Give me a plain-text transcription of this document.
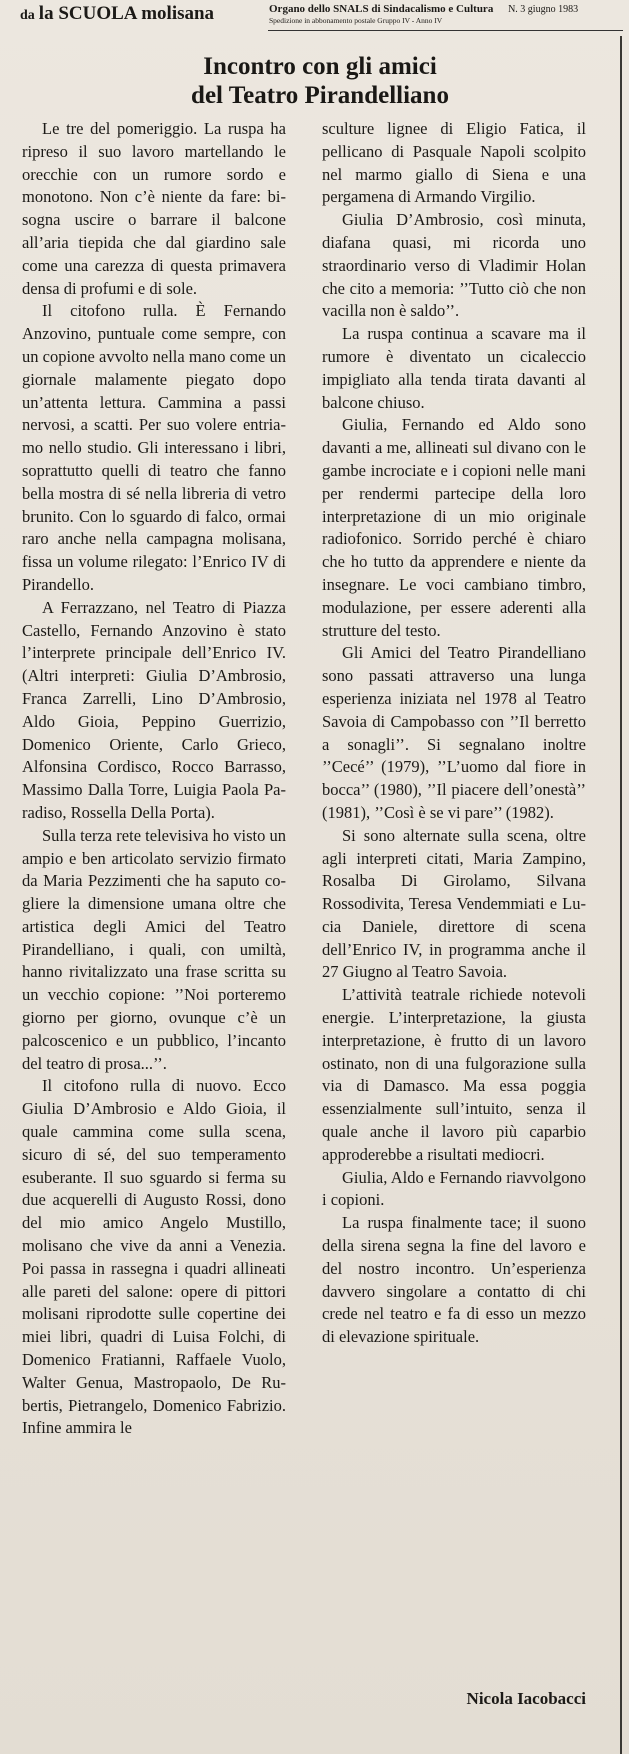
da la SCUOLA molisana	Organo dello SNALS di Sindacalismo e Cultura N. 3 giugno 1983
Spedizione in abbonamento postale Gruppo IV - Anno IV
Incontro con gli amici
del Teatro Pirandelliano

Le tre del pomeriggio. La ruspa ha ripreso il suo lavoro martellando le orecchie con un rumore sordo e monotono. Non c’è niente da fare: bisogna uscire o barrare il balcone all’aria tiepida che dal giardino sale come una carezza di questa primavera densa di profumi e di sole.

Il citofono rulla. È Fernando Anzovino, puntuale come sempre, con un copione avvolto nella mano come un giornale malamente piegato dopo un’attenta lettura. Cammina a passi nervosi, a scatti. Per suo volere entriamo nello studio. Gli interessano i libri, soprattutto quelli di teatro che fanno bella mostra di sé nella libreria di vetro brunito. Con lo sguardo di falco, ormai raro anche nella campagna molisana, fissa un volume rilegato: l’Enrico IV di Pirandello.

A Ferrazzano, nel Teatro di Piazza Castello, Fernando Anzovino è stato l’interprete principale dell’Enrico IV. (Altri interpreti: Giulia D’Ambrosio, Franca Zarrelli, Lino D’Ambrosio, Aldo Gioia, Peppino Guerrizio, Domenico Oriente, Carlo Grieco, Alfonsina Cordisco, Rocco Barrasso, Massimo Dalla Torre, Luigia Paola Paradiso, Rossella Della Porta).

Sulla terza rete televisiva ho visto un ampio e ben articolato servizio firmato da Maria Pezzimenti che ha saputo cogliere la dimensione umana oltre che artistica degli Amici del Teatro Pirandelliano, i quali, con umiltà, hanno rivitalizzato una frase scritta su un vecchio copione: ’’Noi porteremo giorno per giorno, ovunque c’è un palcoscenico e un pubblico, l’incanto del teatro di prosa...’’.

Il citofono rulla di nuovo. Ecco Giulia D’Ambrosio e Aldo Gioia, il quale cammina come sulla scena, sicuro di sé, del suo temperamento esuberante. Il suo sguardo si ferma su due acquerelli di Augusto Rossi, dono del mio amico Angelo Mustillo, molisano che vive da anni a Venezia. Poi passa in rassegna i quadri allineati alle pareti del salone: opere di pittori molisani riprodotte sulle copertine dei miei libri, quadri di Luisa Folchi, di Domenico Fratianni, Raffaele Vuolo, Walter Genua, Mastropaolo, De Rubertis, Pietrangelo, Domenico Fabrizio. Infine ammira le

sculture lignee di Eligio Fatica, il pellicano di Pasquale Napoli scolpito nel marmo giallo di Siena e una pergamena di Armando Virgilio.

Giulia D’Ambrosio, così minuta, diafana quasi, mi ricorda uno straordinario verso di Vladimir Holan che cito a memoria: ’’Tutto ciò che non vacilla non è saldo’’.

La ruspa continua a scavare ma il rumore è diventato un cicaleccio impigliato alla tenda tirata davanti al balcone chiuso.

Giulia, Fernando ed Aldo sono davanti a me, allineati sul divano con le gambe incrociate e i copioni nelle mani per rendermi partecipe della loro interpretazione di un mio originale radiofonico. Sorrido perché è chiaro che ho tutto da apprendere e niente da insegnare. Le voci cambiano timbro, modulazione, per essere aderenti alla strutture del testo.

Gli Amici del Teatro Pirandelliano sono passati attraverso una lunga esperienza iniziata nel 1978 al Teatro Savoia di Campobasso con ’’Il berretto a sonagli’’. Si segnalano inoltre ’’Cecé’’ (1979), ’’L’uomo dal fiore in bocca’’ (1980), ’’Il piacere dell’onestà’’ (1981), ’’Così è se vi pare’’ (1982).

Si sono alternate sulla scena, oltre agli interpreti citati, Maria Zampino, Rosalba Di Girolamo, Silvana Rossodivita, Teresa Vendemmiati e Lucia Daniele, direttore di scena dell’Enrico IV, in programma anche il 27 Giugno al Teatro Savoia.

L’attività teatrale richiede notevoli energie. L’interpretazione, la giusta interpretazione, è frutto di un lavoro ostinato, non di una fulgorazione sulla via di Damasco. Ma essa poggia essenzialmente sull’intuito, senza il quale anche il lavoro più caparbio approderebbe a risultati mediocri.

Giulia, Aldo e Fernando riavvolgono i copioni.

La ruspa finalmente tace; il suono della sirena segna la fine del lavoro e del nostro incontro. Un’esperienza davvero singolare a contatto di chi crede nel teatro e fa di esso un mezzo di elevazione spirituale.

Nicola Iacobacci
